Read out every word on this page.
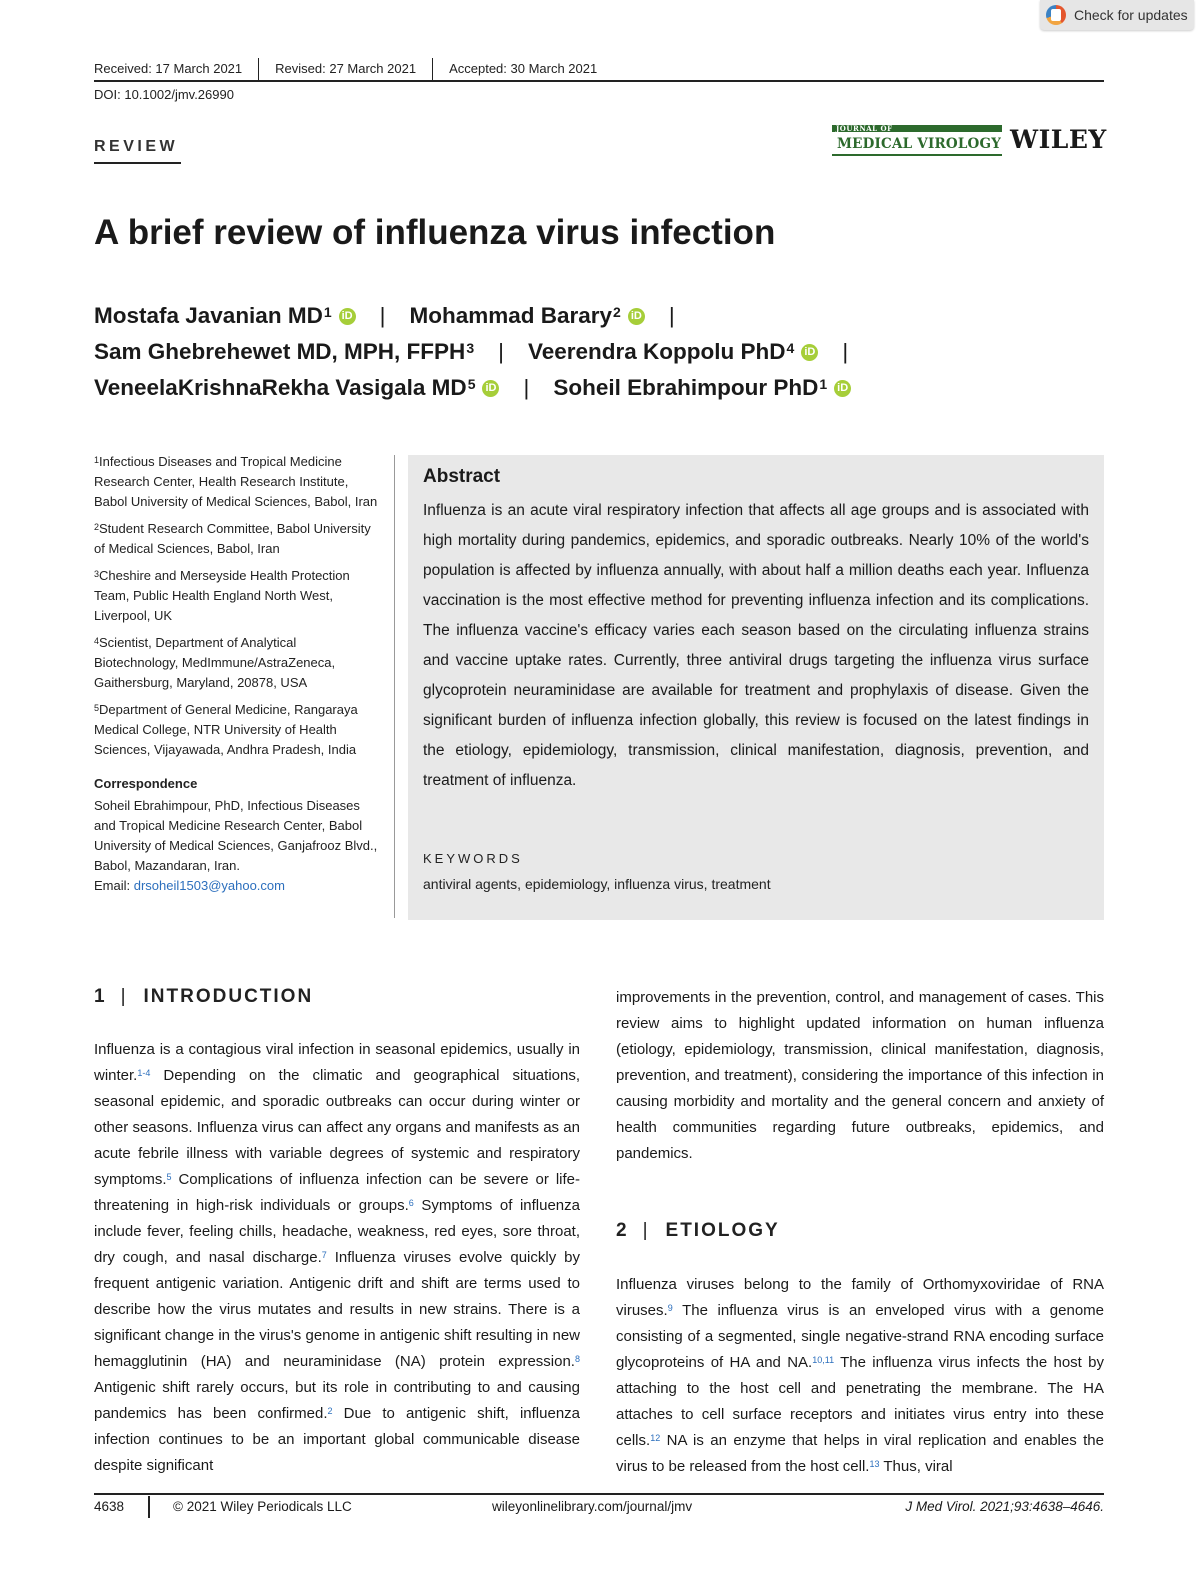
Check for updates
Received: 17 March 2021	Revised: 27 March 2021	Accepted: 30 March 2021
DOI: 10.1002/jmv.26990
REVIEW
JOURNAL OF
MEDICAL VIROLOGY WILEY
A brief review of influenza virus infection
Mostafa Javanian $MD^1$ iD | Mohammad Barary$^2$ iD |
Sam Ghebrehewet MD, MPH, FFPH$^3$ | Veerendra Koppolu PhD$^4$ iD |
VeneelaKrishnaRekha Vasigala $MD^5$ iD | Soheil Ebrahimpour PhD$^1$ iD

$^1$Infectious Diseases and Tropical Medicine Research Center, Health Research Institute, Babol University of Medical Sciences, Babol, Iran

$^2$Student Research Committee, Babol University of Medical Sciences, Babol, Iran

$^3$Cheshire and Merseyside Health Protection Team, Public Health England North West, Liverpool, UK

$^4$Scientist, Department of Analytical Biotechnology, MedImmune/AstraZeneca, Gaithersburg, Maryland, 20878, USA

$^5$Department of General Medicine, Rangaraya Medical College, NTR University of Health Sciences, Vijayawada, Andhra Pradesh, India

Correspondence

Soheil Ebrahimpour, PhD, Infectious Diseases and Tropical Medicine Research Center, Babol University of Medical Sciences, Ganjafrooz Blvd., Babol, Mazandaran, Iran.
Email: drsoheil1503@yahoo.com

Abstract
Influenza is an acute viral respiratory infection that affects all age groups and is associated with high mortality during pandemics, epidemics, and sporadic outbreaks. Nearly 10% of the world's population is affected by influenza annually, with about half a million deaths each year. Influenza vaccination is the most effective method for preventing influenza infection and its complications. The influenza vaccine's efficacy varies each season based on the circulating influenza strains and vaccine uptake rates. Currently, three antiviral drugs targeting the influenza virus surface glycoprotein neuraminidase are available for treatment and prophylaxis of disease. Given the significant burden of influenza infection globally, this review is focused on the latest findings in the etiology, epidemiology, transmission, clinical manifestation, diagnosis, prevention, and treatment of influenza.
KEYWORDS
antiviral agents, epidemiology, influenza virus, treatment
1 | INTRODUCTION
Influenza is a contagious viral infection in seasonal epidemics, usually in winter.$^{1-4}$ Depending on the climatic and geographical situations, seasonal epidemic, and sporadic outbreaks can occur during winter or other seasons. Influenza virus can affect any organs and manifests as an acute febrile illness with variable degrees of systemic and respiratory symptoms.$^5$ Complications of influenza infection can be severe or life-threatening in high-risk individuals or groups.$^6$ Symptoms of influenza include fever, feeling chills, headache, weakness, red eyes, sore throat, dry cough, and nasal discharge.$^7$ Influenza viruses evolve quickly by frequent antigenic variation. Antigenic drift and shift are terms used to describe how the virus mutates and results in new strains. There is a significant change in the virus's genome in antigenic shift resulting in new hemagglutinin (HA) and neuraminidase (NA) protein expression.$^8$ Antigenic shift rarely occurs, but its role in contributing to and causing pandemics has been confirmed.$^2$ Due to antigenic shift, influenza infection continues to be an important global communicable disease despite significant
improvements in the prevention, control, and management of cases. This review aims to highlight updated information on human influenza (etiology, epidemiology, transmission, clinical manifestation, diagnosis, prevention, and treatment), considering the importance of this infection in causing morbidity and mortality and the general concern and anxiety of health communities regarding future outbreaks, epidemics, and pandemics.
2 | ETIOLOGY
Influenza viruses belong to the family of Orthomyxoviridae of RNA viruses.$^9$ The influenza virus is an enveloped virus with a genome consisting of a segmented, single negative-strand RNA encoding surface glycoproteins of HA and NA.$^{10,11}$ The influenza virus infects the host by attaching to the host cell and penetrating the membrane. The HA attaches to cell surface receptors and initiates virus entry into these cells.$^{12}$ NA is an enzyme that helps in viral replication and enables the virus to be released from the host cell.$^{13}$ Thus, viral
4638	© 2021 Wiley Periodicals LLC	wileyonlinelibrary.com/journal/jmv	J Med Virol. 2021;93:4638–4646.
